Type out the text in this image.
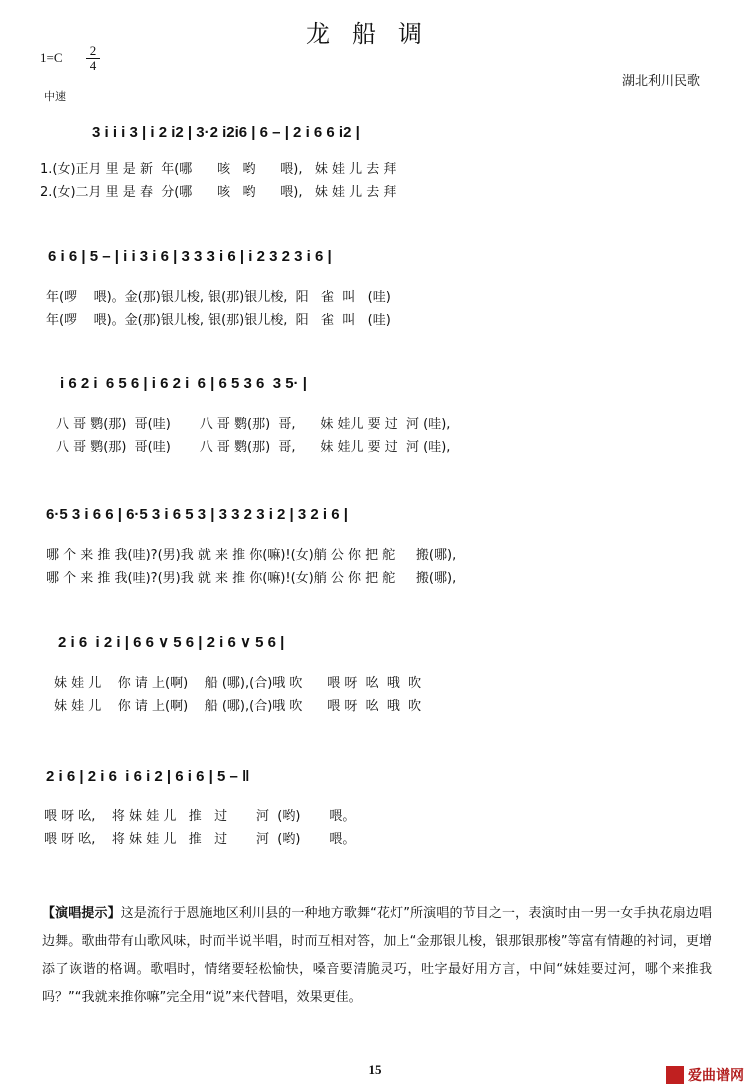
龙船调
1=C 2
4
中速
湖北利川民歌
3 i i i 3 | i 2 i2 | 3·2 i2i6 | 6 – | 2 i 6 6 i2 |
1.(女)正月 里 是 新  年(哪      咳   哟      喂),   妹 娃 儿 去 拜
2.(女)二月 里 是 春  分(哪      咳   哟      喂),   妹 娃 儿 去 拜
6 i 6 | 5 – | i i 3 i 6 | 3 3 3 i 6 | i 2 3 2 3 i 6 |
年(啰    喂)。金(那)银儿梭, 银(那)银儿梭,  阳   雀  叫   (哇)
年(啰    喂)。金(那)银儿梭, 银(那)银儿梭,  阳   雀  叫   (哇)
i 6 2 i  6 5 6 | i 6 2 i  6 | 6 5 3 6  3 5· |
八 哥 鹦(那)  哥(哇)       八 哥 鹦(那)  哥,      妹 娃儿 要 过  河 (哇),
八 哥 鹦(那)  哥(哇)       八 哥 鹦(那)  哥,      妹 娃儿 要 过  河 (哇),
6·5 3 i 6 6 | 6·5 3 i 6 5 3 | 3 3 2 3 i 2 | 3 2 i 6 |
哪 个 来 推 我(哇)?(男)我 就 来 推 你(嘛)!(女)艄 公 你 把 舵     搬(哪),
哪 个 来 推 我(哇)?(男)我 就 来 推 你(嘛)!(女)艄 公 你 把 舵     搬(哪),
2 i 6  i 2 i | 6 6 ∨ 5 6 | 2 i 6 ∨ 5 6 |
妹 娃 儿    你 请 上(啊)    船 (哪),(合)哦 吹      喂 呀  吆  哦  吹
妹 娃 儿    你 请 上(啊)    船 (哪),(合)哦 吹      喂 呀  吆  哦  吹
2 i 6 | 2 i 6  i 6 i 2 | 6 i 6 | 5 – ‖
喂 呀 吆,    将 妹 娃 儿   推   过       河  (哟)       喂。
喂 呀 吆,    将 妹 娃 儿   推   过       河  (哟)       喂。
【演唱提示】这是流行于恩施地区利川县的一种地方歌舞“花灯”所演唱的节目之一，表演时由一男一女手执花扇边唱边舞。歌曲带有山歌风味，时而半说半唱，时而互相对答，加上“金那银儿梭，银那银那梭”等富有情趣的衬词，更增添了诙谐的格调。歌唱时，情绪要轻松愉快，嗓音要清脆灵巧，吐字最好用方言，中间“妹娃要过河，哪个来推我吗？”“我就来推你嘛”完全用“说”来代替唱，效果更佳。
15	爱曲谱网
